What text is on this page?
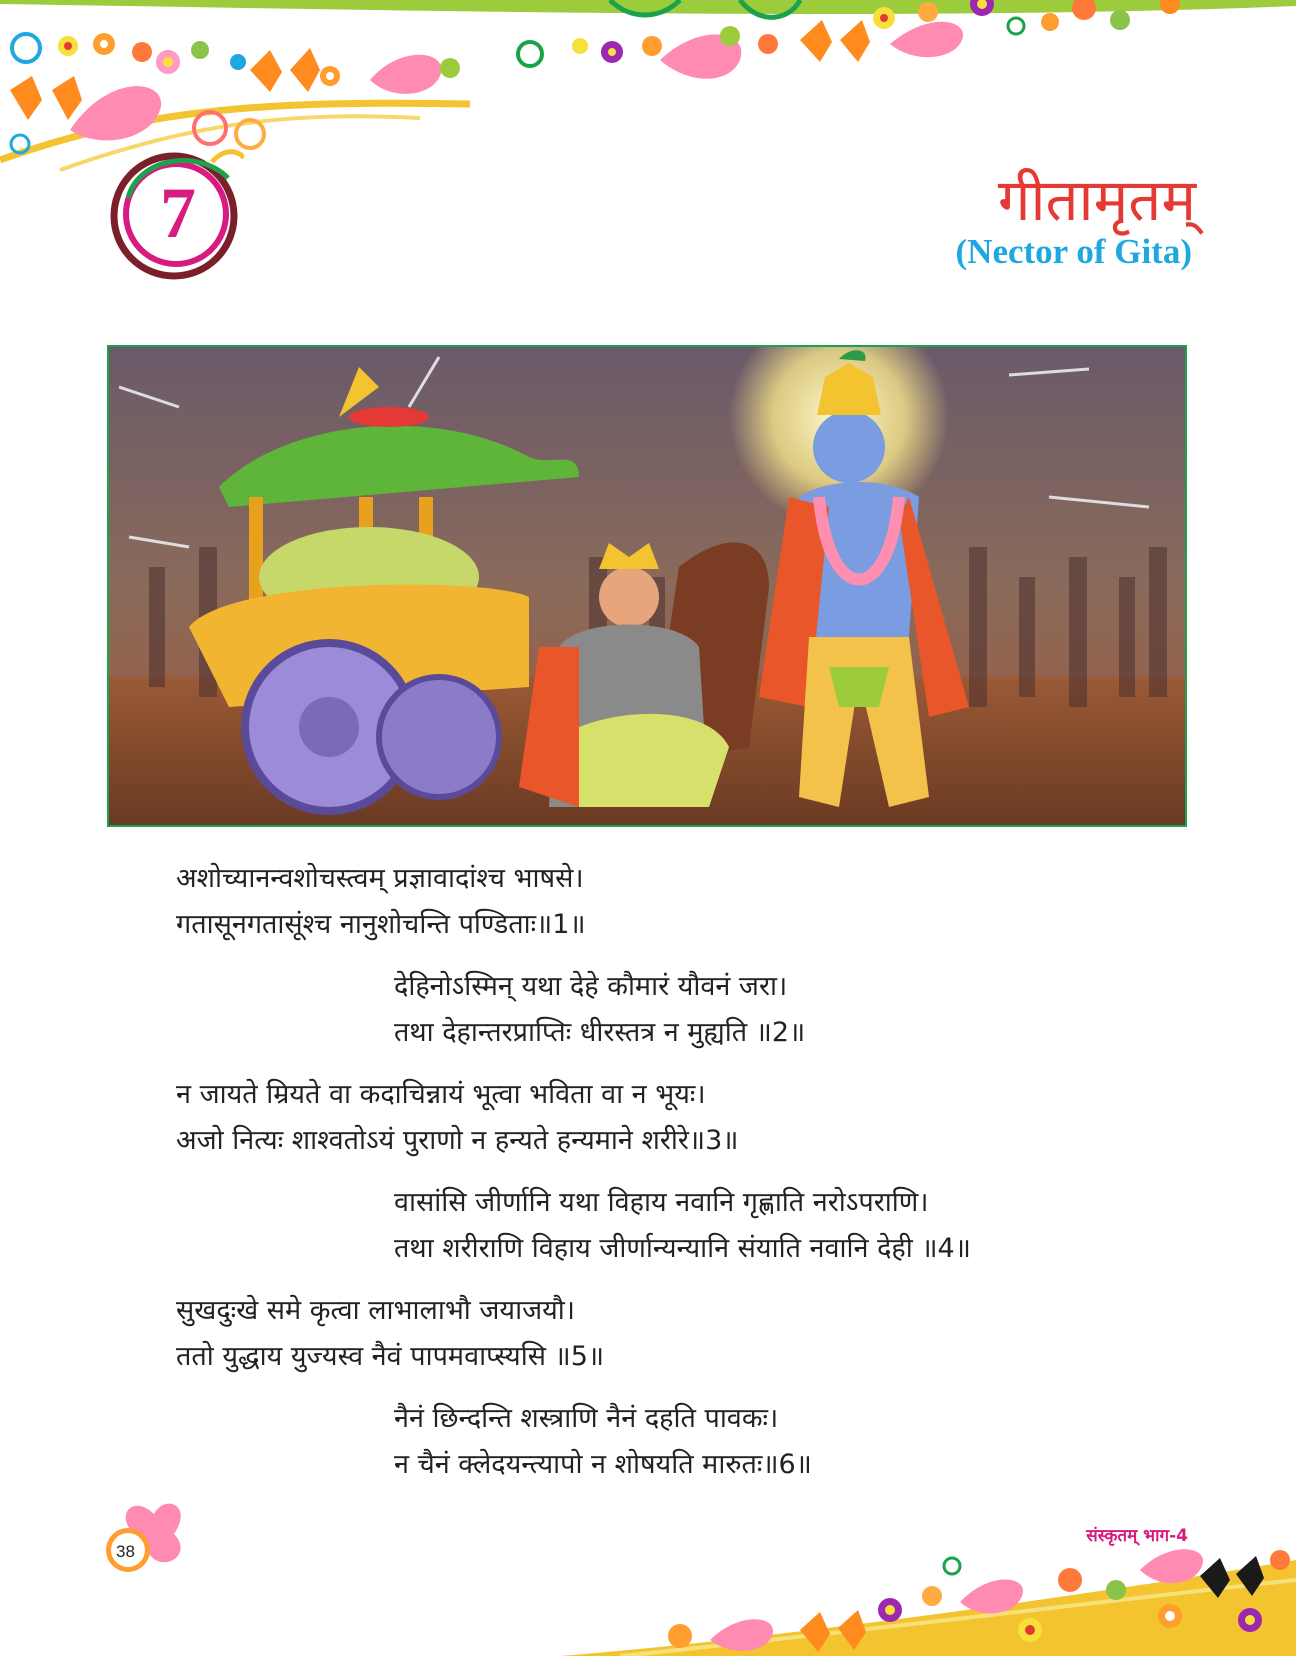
7	गीतामृतम्
(Nector of Gita)
अशोच्यानन्वशोचस्त्वम् प्रज्ञावादांश्च भाषसे।
गतासूनगतासूंश्च नानुशोचन्ति पण्डिताः॥1॥
देहिनोऽस्मिन् यथा देहे कौमारं यौवनं जरा।
तथा देहान्तरप्राप्तिः धीरस्तत्र न मुह्यति ॥2॥
न जायते म्रियते वा कदाचिन्नायं भूत्वा भविता वा न भूयः।
अजो नित्यः शाश्वतोऽयं पुराणो न हन्यते हन्यमाने शरीरे॥3॥
वासांसि जीर्णानि यथा विहाय नवानि गृह्णाति नरोऽपराणि।
तथा शरीराणि विहाय जीर्णान्यन्यानि संयाति नवानि देही ॥4॥
सुखदुःखे समे कृत्वा लाभालाभौ जयाजयौ।
ततो युद्धाय युज्यस्व नैवं पापमवाप्स्यसि ॥5॥
नैनं छिन्दन्ति शस्त्राणि नैनं दहति पावकः।
न चैनं क्लेदयन्त्यापो न शोषयति मारुतः॥6॥
38
संस्कृतम् भाग-4
